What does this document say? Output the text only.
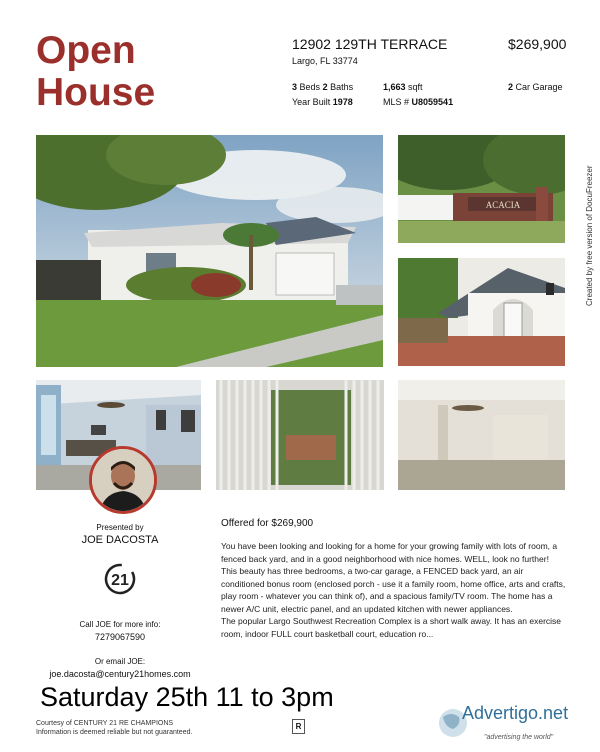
Open
House
12902 129TH TERRACE
Largo, FL 33774
$269,900
3 Beds 2 Baths	1,663 sqft	2 Car Garage
Year Built 1978	MLS # U8059541
ACACIA
Presented by
JOE DACOSTA
21
Call JOE for more info:
7279067590
Or email JOE:
joe.dacosta@century21homes.com
Offered for $269,900

You have been looking and looking for a home for your growing family with lots of room, a fenced back yard, and in a good neighborhood with nice homes. WELL, look no further!

This beauty has three bedrooms, a two-car garage, a FENCED back yard, an air conditioned bonus room (enclosed porch - use it a family room, home office, arts and crafts, play room - whatever you can think of), and a spacious family/TV room. The home has a newer A/C unit, electric panel, and an updated kitchen with newer appliances.

The popular Largo Southwest Recreation Complex is a short walk away. It has an exercise room, indoor FULL court basketball court, education ro...

Saturday 25th 11 to 3pm
Courtesy of CENTURY 21 RE CHAMPIONS
Information is deemed reliable but not guaranteed.
R
Created by free version of DocuFreezer
Advertigo.net
"advertising the world"
